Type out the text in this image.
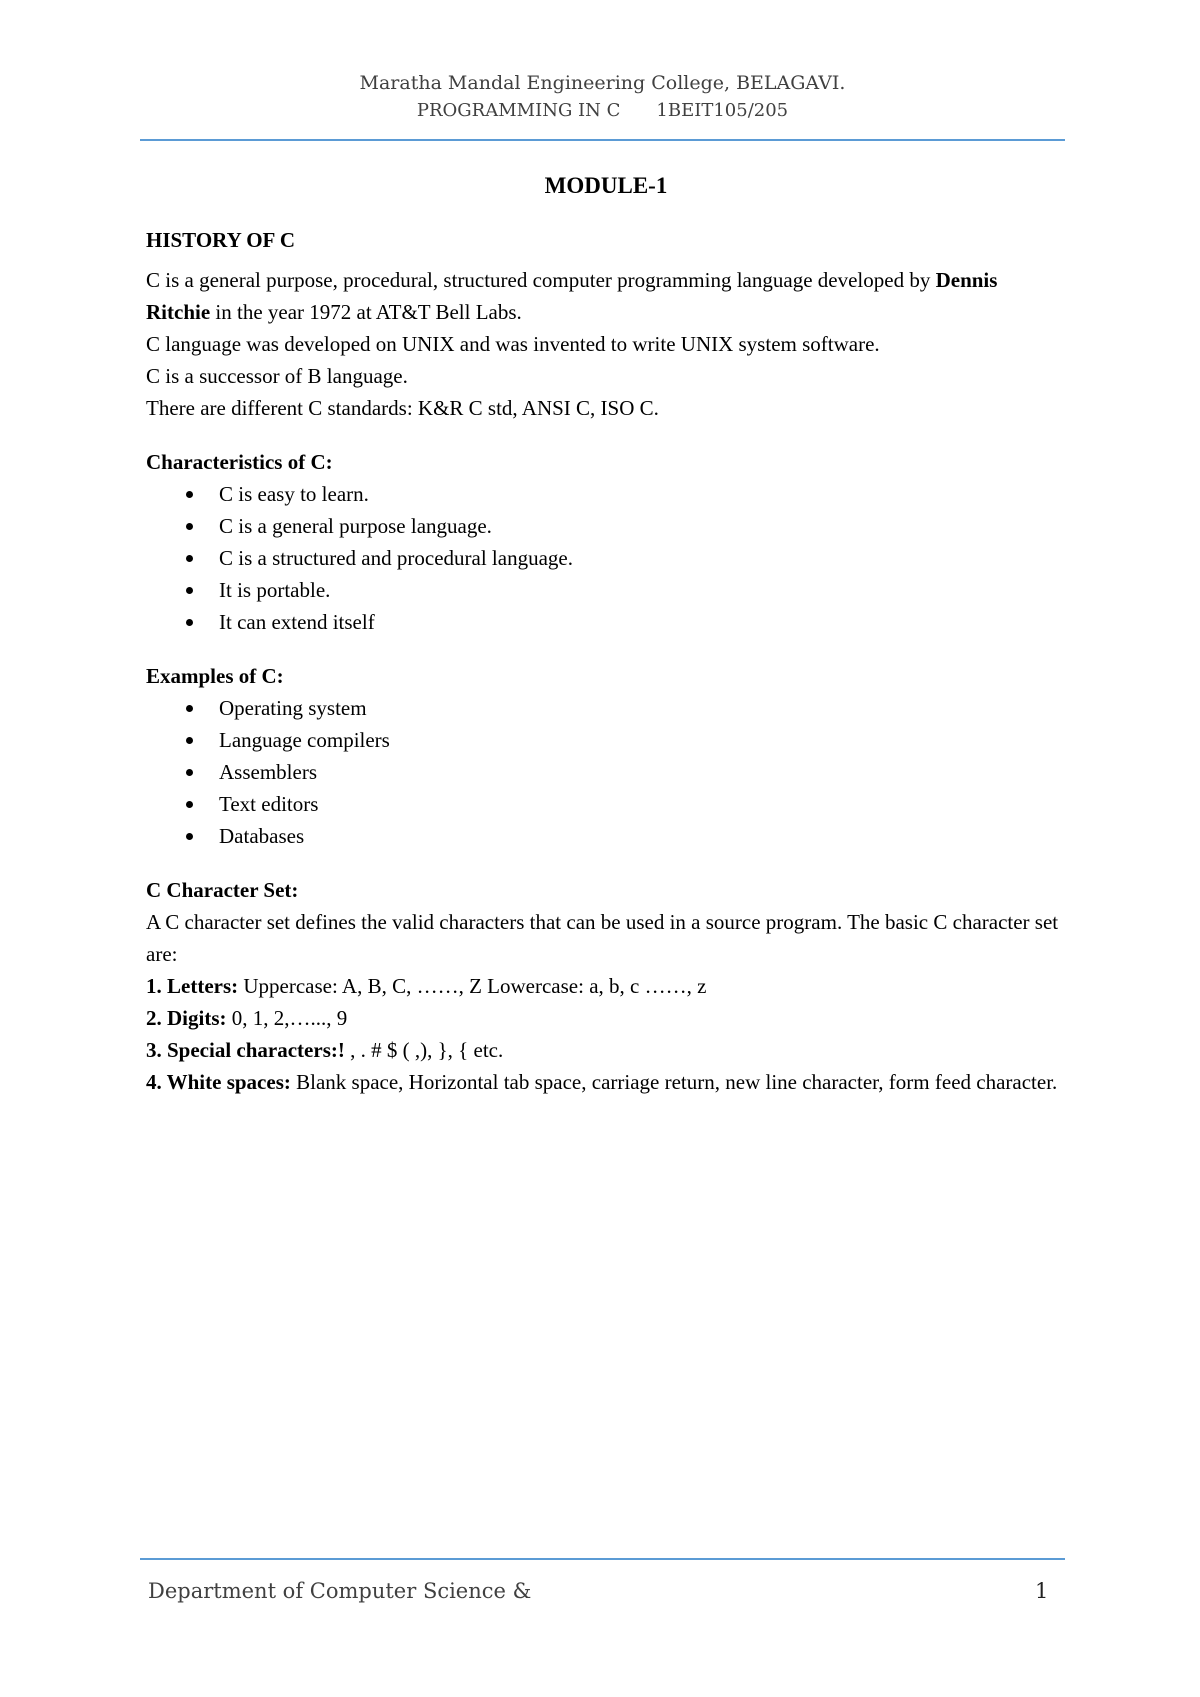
Maratha Mandal Engineering College, BELAGAVI.
PROGRAMMING IN C 1BEIT105/205
MODULE-1

HISTORY OF C

C is a general purpose, procedural, structured computer programming language developed by Dennis Ritchie in the year 1972 at AT&T Bell Labs.

C language was developed on UNIX and was invented to write UNIX system software.

C is a successor of B language.

There are different C standards: K&R C std, ANSI C, ISO C.

Characteristics of C:

C is easy to learn.
C is a general purpose language.
C is a structured and procedural language.
It is portable.
It can extend itself

Examples of C:

Operating system
Language compilers
Assemblers
Text editors
Databases

C Character Set:

A C character set defines the valid characters that can be used in a source program. The basic C character set are:

1. Letters: Uppercase: A, B, C, ……, Z Lowercase: a, b, c ……, z

2. Digits: 0, 1, 2,…..., 9

3. Special characters:! , . # $ ( ,), }, { etc.

4. White spaces: Blank space, Horizontal tab space, carriage return, new line character, form feed character.

Department of Computer Science &	1
